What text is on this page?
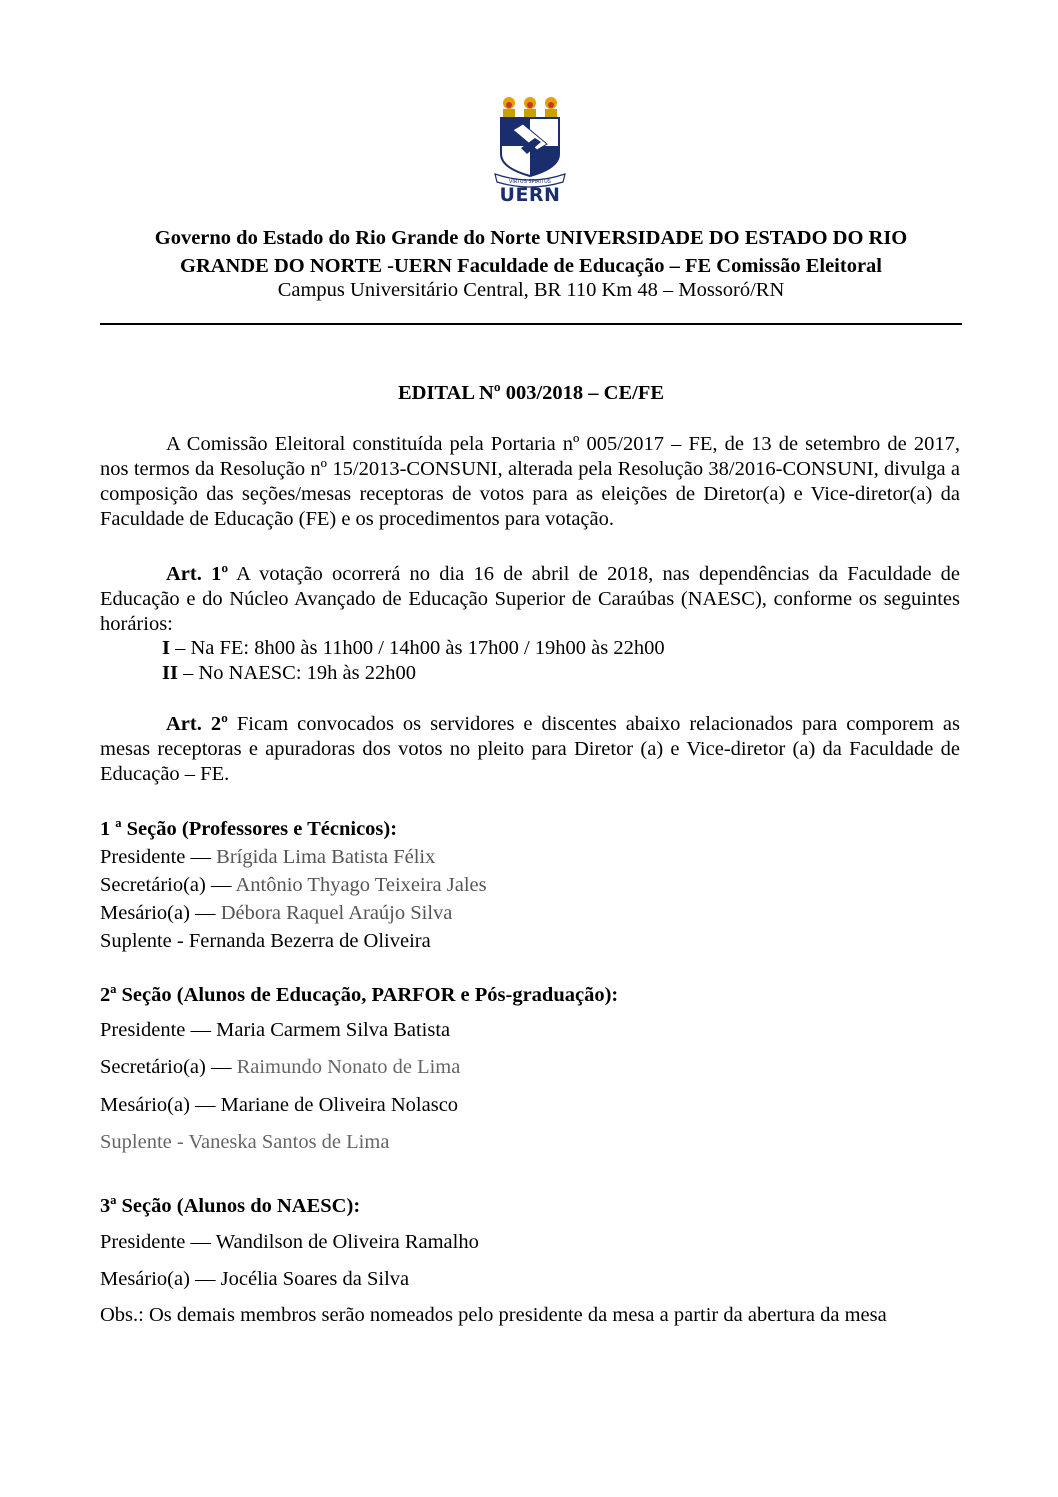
VIRTUS SPIRITUS
UERN
Governo do Estado do Rio Grande do Norte UNIVERSIDADE DO ESTADO DO RIO
GRANDE DO NORTE -UERN Faculdade de Educação – FE Comissão Eleitoral
Campus Universitário Central, BR 110 Km 48 – Mossoró/RN
EDITAL Nº 003/2018 – CE/FE
A Comissão Eleitoral constituída pela Portaria nº 005/2017 – FE, de 13 de setembro de 2017, nos termos da Resolução nº 15/2013-CONSUNI, alterada pela Resolução 38/2016-CONSUNI, divulga a composição das seções/mesas receptoras de votos para as eleições de Diretor(a) e Vice-diretor(a) da Faculdade de Educação (FE) e os procedimentos para votação.
Art. 1º A votação ocorrerá no dia 16 de abril de 2018, nas dependências da Faculdade de Educação e do Núcleo Avançado de Educação Superior de Caraúbas (NAESC), conforme os seguintes horários:
I – Na FE: 8h00 às 11h00 / 14h00 às 17h00 / 19h00 às 22h00
II – No NAESC: 19h às 22h00
Art. 2º Ficam convocados os servidores e discentes abaixo relacionados para comporem as mesas receptoras e apuradoras dos votos no pleito para Diretor (a) e Vice-diretor (a) da Faculdade de Educação – FE.
1 ª Seção (Professores e Técnicos):
Presidente — Brígida Lima Batista Félix
Secretário(a) — Antônio Thyago Teixeira Jales
Mesário(a) — Débora Raquel Araújo Silva
Suplente - Fernanda Bezerra de Oliveira
2ª Seção (Alunos de Educação, PARFOR e Pós-graduação):
Presidente — Maria Carmem Silva Batista
Secretário(a) — Raimundo Nonato de Lima
Mesário(a) — Mariane de Oliveira Nolasco
Suplente - Vaneska Santos de Lima
3ª Seção (Alunos do NAESC):
Presidente — Wandilson de Oliveira Ramalho
Mesário(a) — Jocélia Soares da Silva
Obs.: Os demais membros serão nomeados pelo presidente da mesa a partir da abertura da mesa
